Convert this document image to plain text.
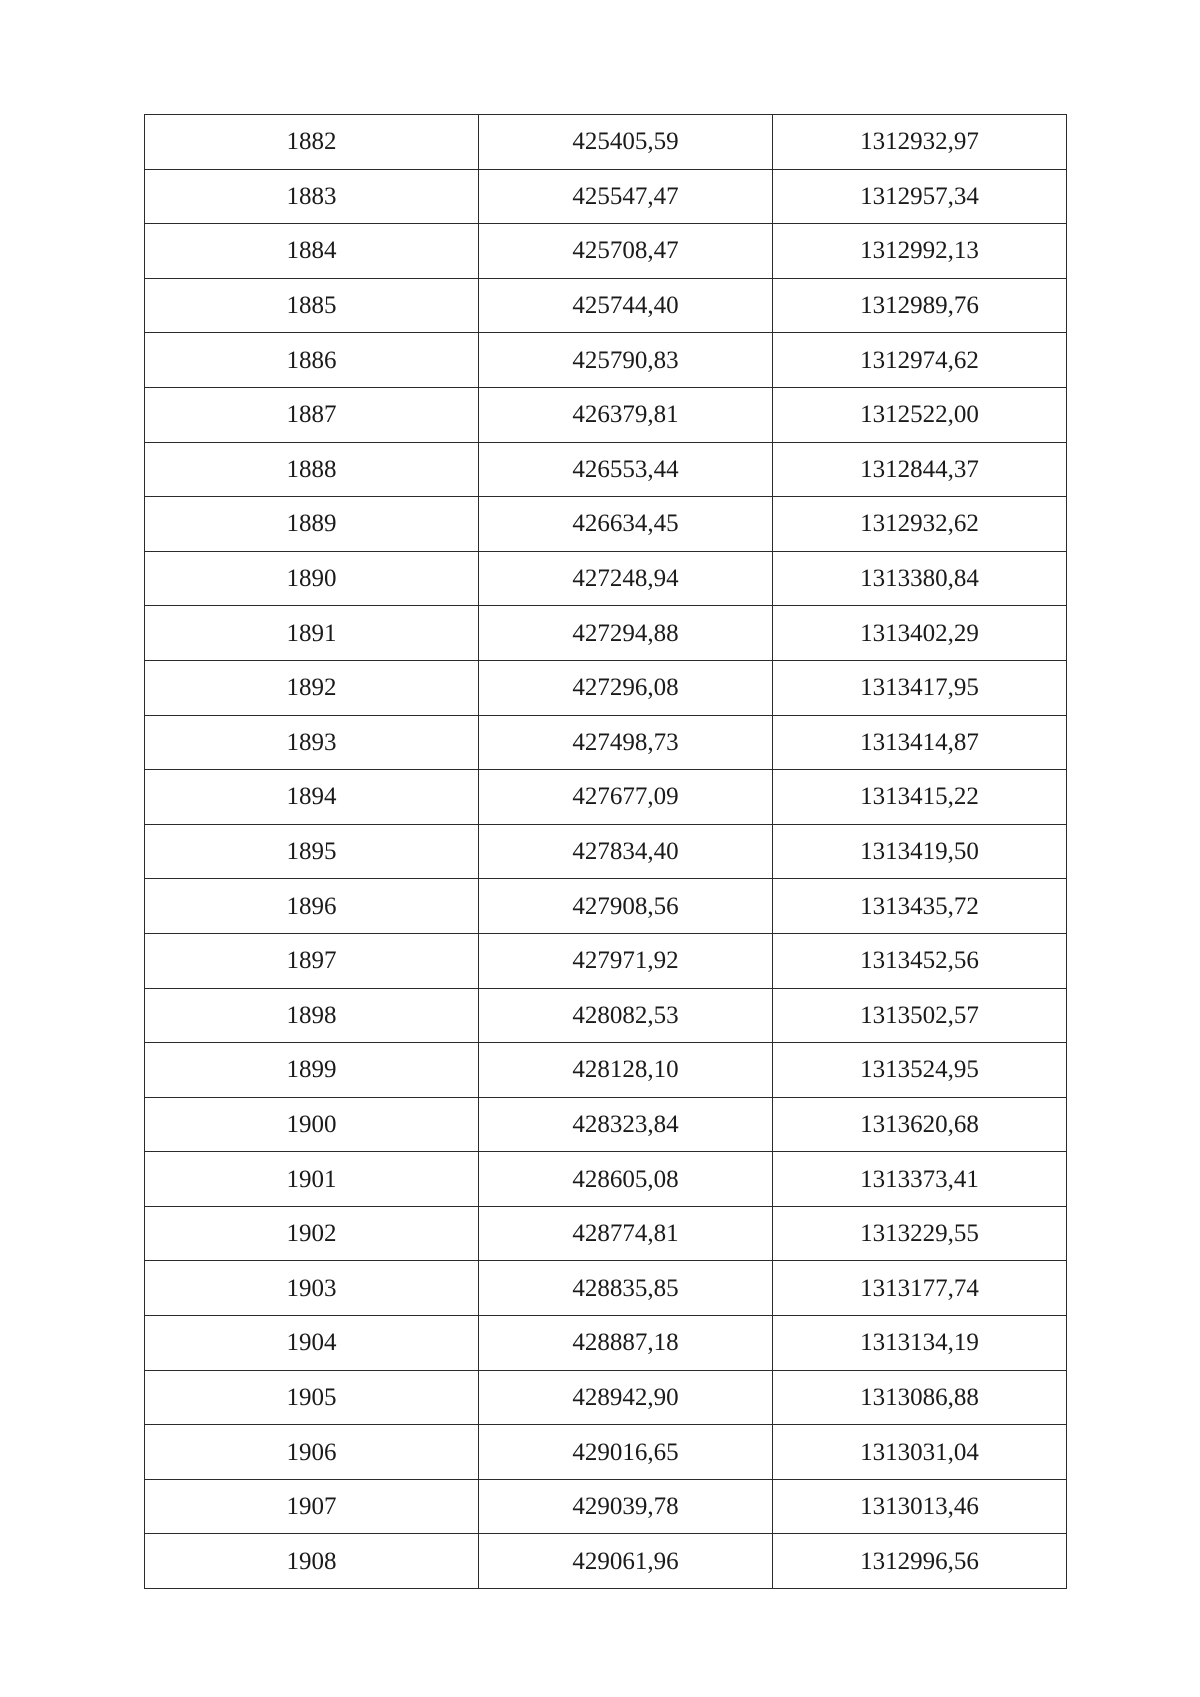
1882	425405,59	1312932,97
1883	425547,47	1312957,34
1884	425708,47	1312992,13
1885	425744,40	1312989,76
1886	425790,83	1312974,62
1887	426379,81	1312522,00
1888	426553,44	1312844,37
1889	426634,45	1312932,62
1890	427248,94	1313380,84
1891	427294,88	1313402,29
1892	427296,08	1313417,95
1893	427498,73	1313414,87
1894	427677,09	1313415,22
1895	427834,40	1313419,50
1896	427908,56	1313435,72
1897	427971,92	1313452,56
1898	428082,53	1313502,57
1899	428128,10	1313524,95
1900	428323,84	1313620,68
1901	428605,08	1313373,41
1902	428774,81	1313229,55
1903	428835,85	1313177,74
1904	428887,18	1313134,19
1905	428942,90	1313086,88
1906	429016,65	1313031,04
1907	429039,78	1313013,46
1908	429061,96	1312996,56
